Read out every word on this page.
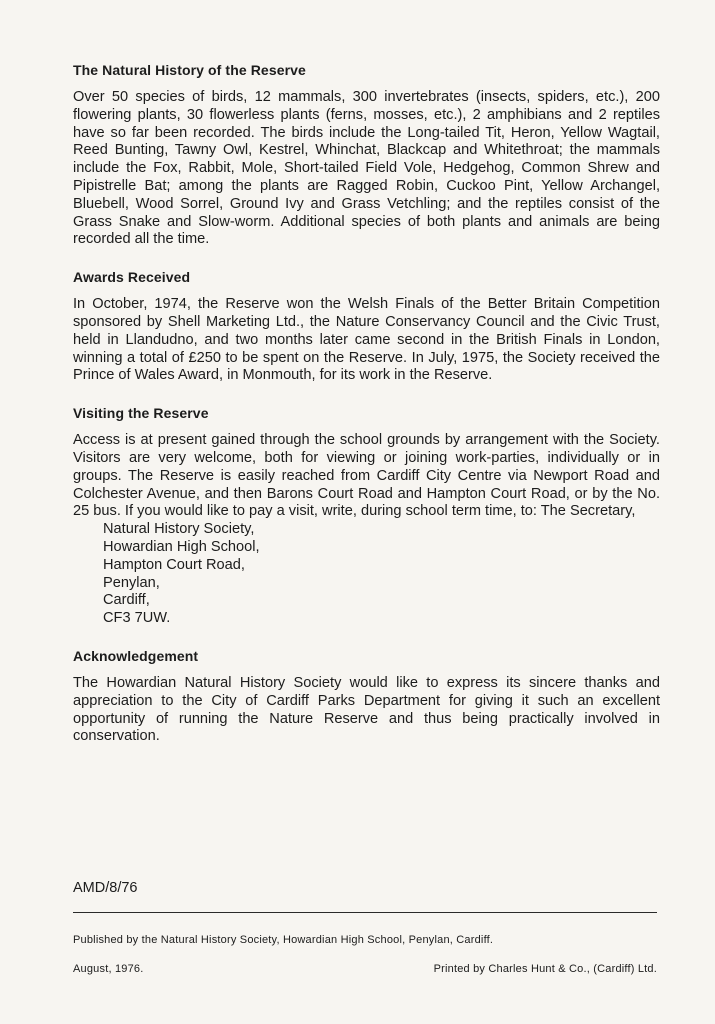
The Natural History of the Reserve

Over 50 species of birds, 12 mammals, 300 invertebrates (insects, spiders, etc.), 200 flowering plants, 30 flowerless plants (ferns, mosses, etc.), 2 amphibians and 2 reptiles have so far been recorded. The birds include the Long-tailed Tit, Heron, Yellow Wagtail, Reed Bunting, Tawny Owl, Kestrel, Whinchat, Blackcap and Whitethroat; the mammals include the Fox, Rabbit, Mole, Short-tailed Field Vole, Hedgehog, Common Shrew and Pipistrelle Bat; among the plants are Ragged Robin, Cuckoo Pint, Yellow Archangel, Bluebell, Wood Sorrel, Ground Ivy and Grass Vetchling; and the reptiles consist of the Grass Snake and Slow-worm. Additional species of both plants and animals are being recorded all the time.

Awards Received

In October, 1974, the Reserve won the Welsh Finals of the Better Britain Competition sponsored by Shell Marketing Ltd., the Nature Conservancy Council and the Civic Trust, held in Llandudno, and two months later came second in the British Finals in London, winning a total of £250 to be spent on the Reserve. In July, 1975, the Society received the Prince of Wales Award, in Monmouth, for its work in the Reserve.

Visiting the Reserve

Access is at present gained through the school grounds by arrangement with the Society. Visitors are very welcome, both for viewing or joining work-parties, individually or in groups. The Reserve is easily reached from Cardiff City Centre via Newport Road and Colchester Avenue, and then Barons Court Road and Hampton Court Road, or by the No. 25 bus. If you would like to pay a visit, write, during school term time, to: The Secretary,

Natural History Society,
Howardian High School,
Hampton Court Road,
Penylan,
Cardiff,
CF3 7UW.
Acknowledgement

The Howardian Natural History Society would like to express its sincere thanks and appreciation to the City of Cardiff Parks Department for giving it such an excellent opportunity of running the Nature Reserve and thus being practically involved in conservation.

AMD/8/76
Published by the Natural History Society, Howardian High School, Penylan, Cardiff.
August, 1976.	Printed by Charles Hunt & Co., (Cardiff) Ltd.
